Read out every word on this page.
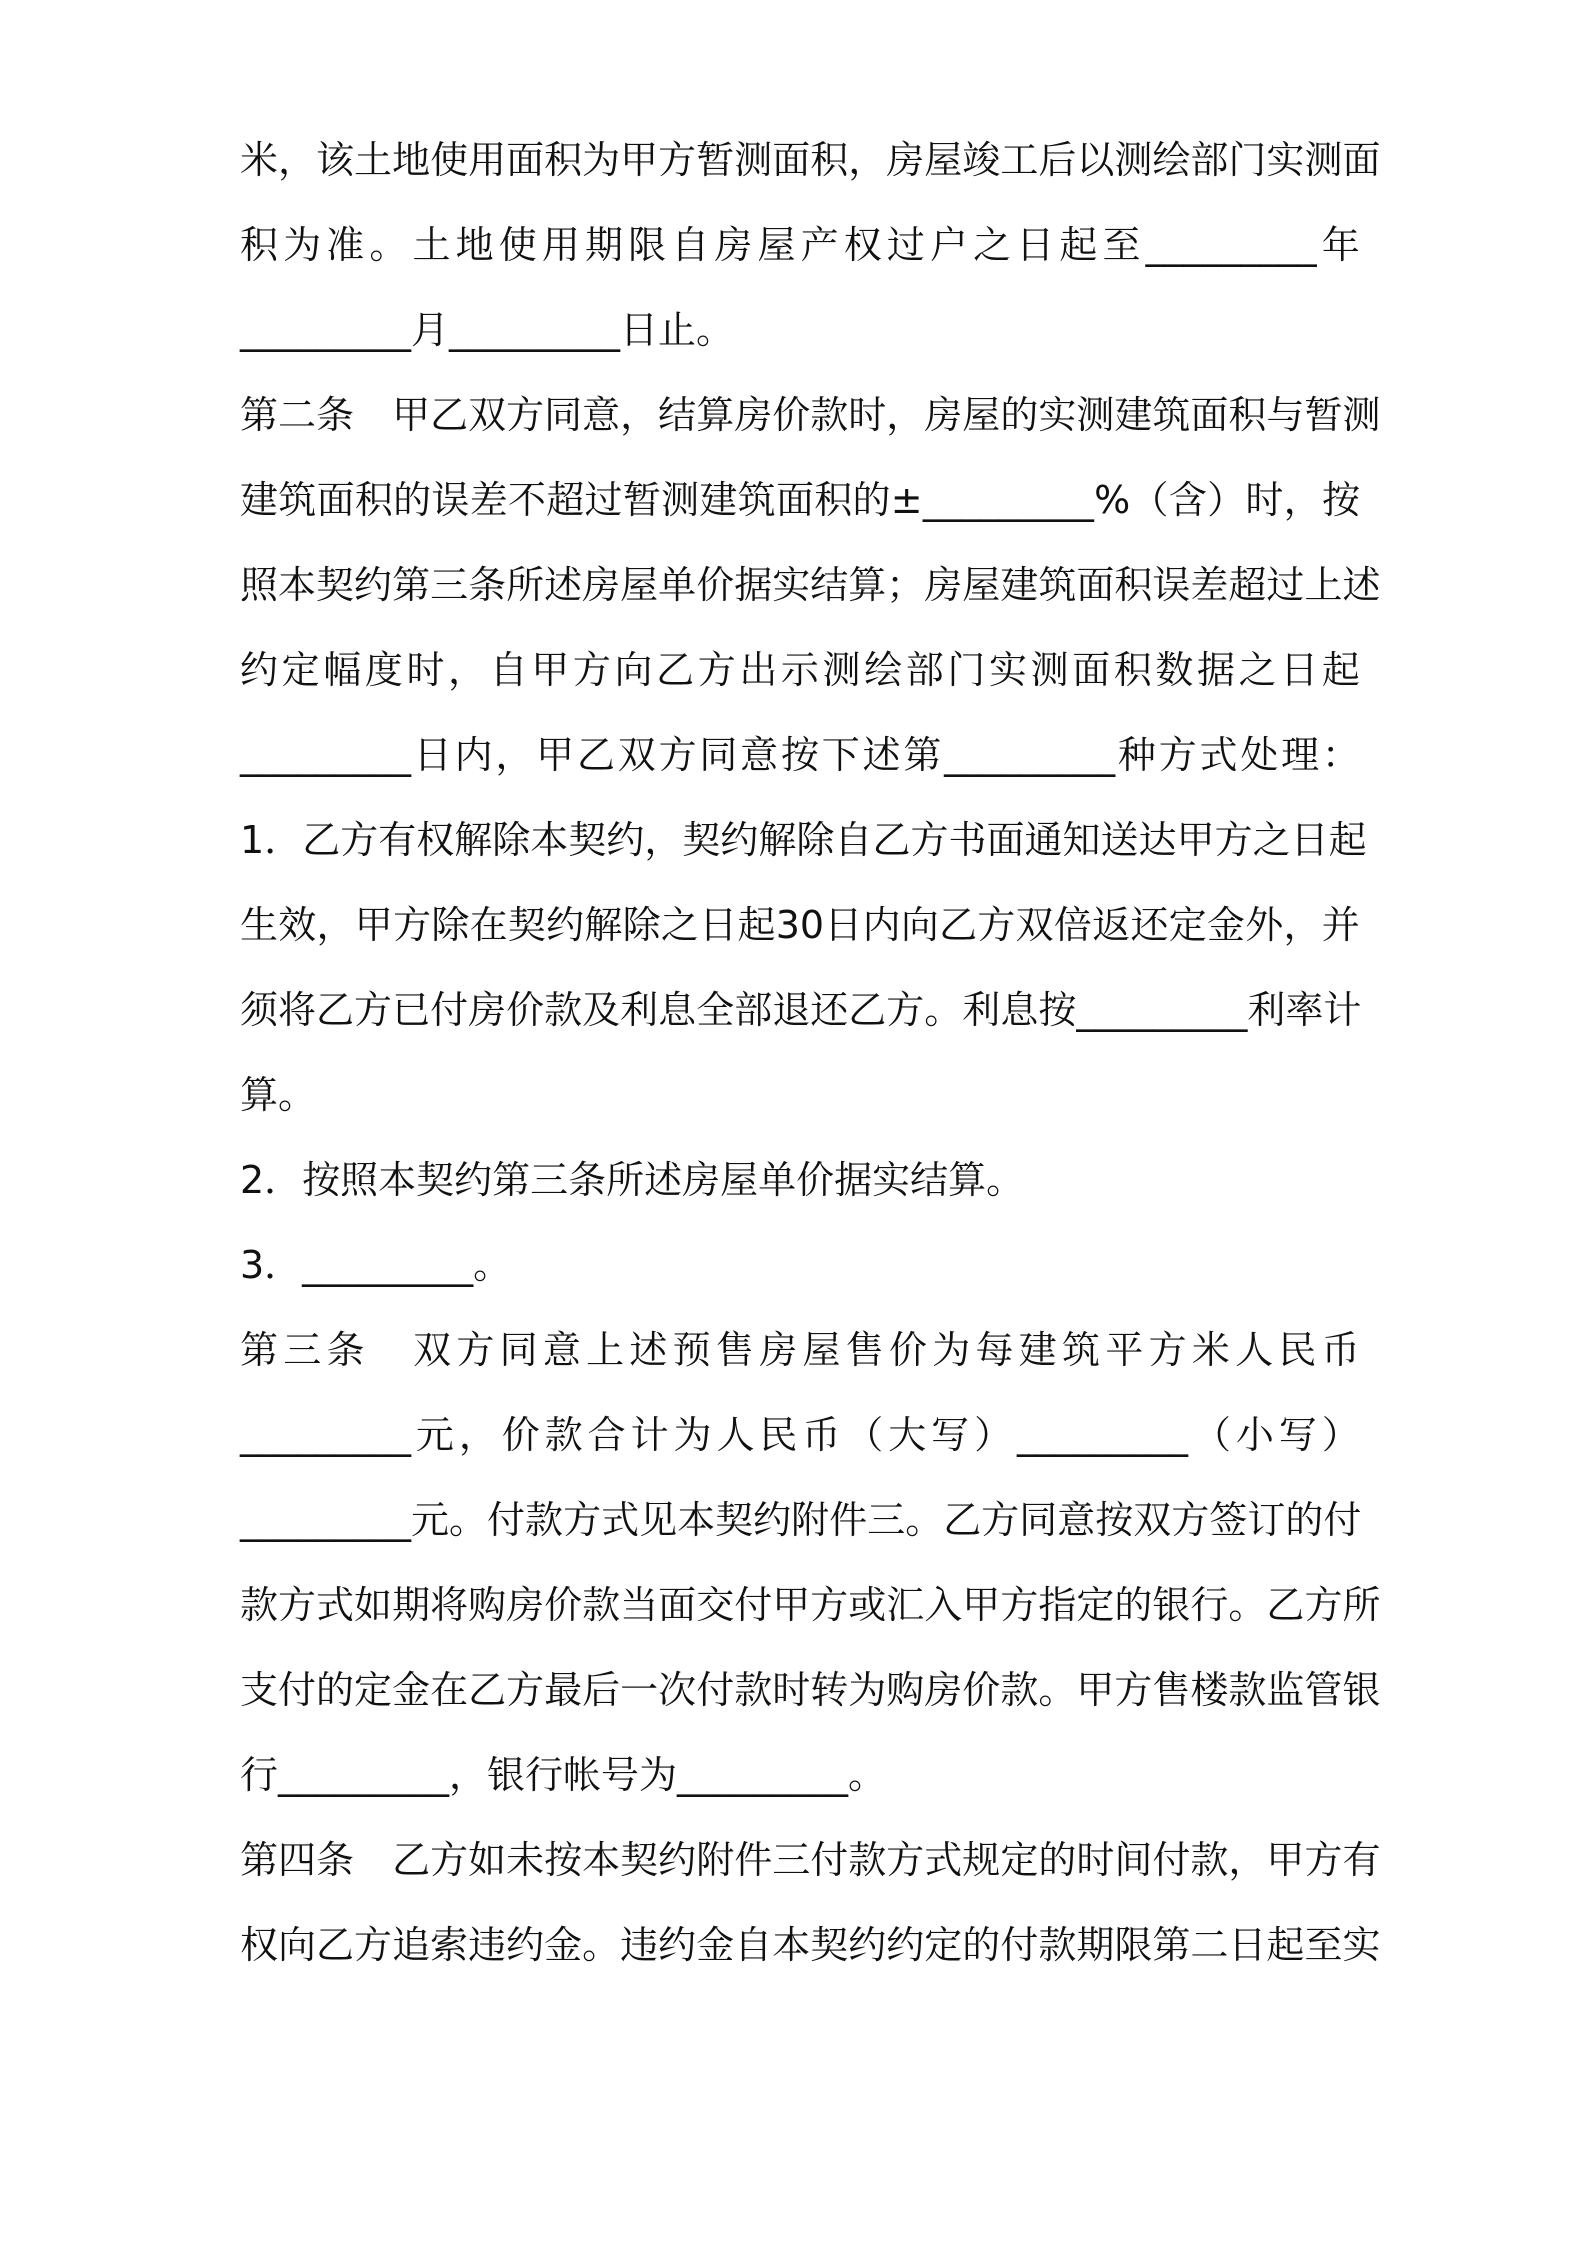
米 ， 该 土 地 使 用 面 积 为 甲 方 暂 测 面 积 ， 房 屋 竣 工 后 以 测 绘 部 门 实 测 面
积 为 准 。 土 地 使 用 期 限 自 房 屋 产 权 过 户 之 日 起 至 _________ 年
_________月_________日止。
第 二 条
　 甲 乙 双 方 同 意 ， 结 算 房 价 款 时 ， 房 屋 的 实 测 建 筑 面 积 与 暂 测
建 筑 面 积 的 误 差 不 超 过 暂 测 建 筑 面 积 的 ± _________ % （ 含 ） 时 ， 按
照 本 契 约 第 三 条 所 述 房 屋 单 价 据 实 结 算 ； 房 屋 建 筑 面 积 误 差 超 过 上 述
约 定 幅 度 时 ， 自 甲 方 向 乙 方 出 示 测 绘 部 门 实 测 面 积 数 据 之 日 起
_________ 日 内 ， 甲 乙 双 方 同 意 按 下 述 第 _________ 种 方 式 处 理 ：
1 ． 乙 方 有 权 解 除 本 契 约 ， 契 约 解 除 自 乙 方 书 面 通 知 送 达 甲 方 之 日 起
生 效 ， 甲 方 除 在 契 约 解 除 之 日 起 30 日 内 向 乙 方 双 倍 返 还 定 金 外 ， 并
须 将 乙 方 已 付 房 价 款 及 利 息 全 部 退 还 乙 方 。 利 息 按 _________ 利 率 计
算。
2．按照本契约第三条所述房屋单价据实结算。
3．_________。
第 三 条
　 双 方 同 意 上 述 预 售 房 屋 售 价 为 每 建 筑 平 方 米 人 民 币
_________ 元 ， 价 款 合 计 为 人 民 币 （ 大 写 ） _________ （ 小 写 ）
_________ 元 。 付 款 方 式 见 本 契 约 附 件 三 。 乙 方 同 意 按 双 方 签 订 的 付
款 方 式 如 期 将 购 房 价 款 当 面 交 付 甲 方 或 汇 入 甲 方 指 定 的 银 行 。 乙 方 所
支 付 的 定 金 在 乙 方 最 后 一 次 付 款 时 转 为 购 房 价 款 。 甲 方 售 楼 款 监 管 银
行_________，银行帐号为_________。
第 四 条
　 乙 方 如 未 按 本 契 约 附 件 三 付 款 方 式 规 定 的 时 间 付 款 ， 甲 方 有
权 向 乙 方 追 索 违 约 金 。 违 约 金 自 本 契 约 约 定 的 付 款 期 限 第 二 日 起 至 实
